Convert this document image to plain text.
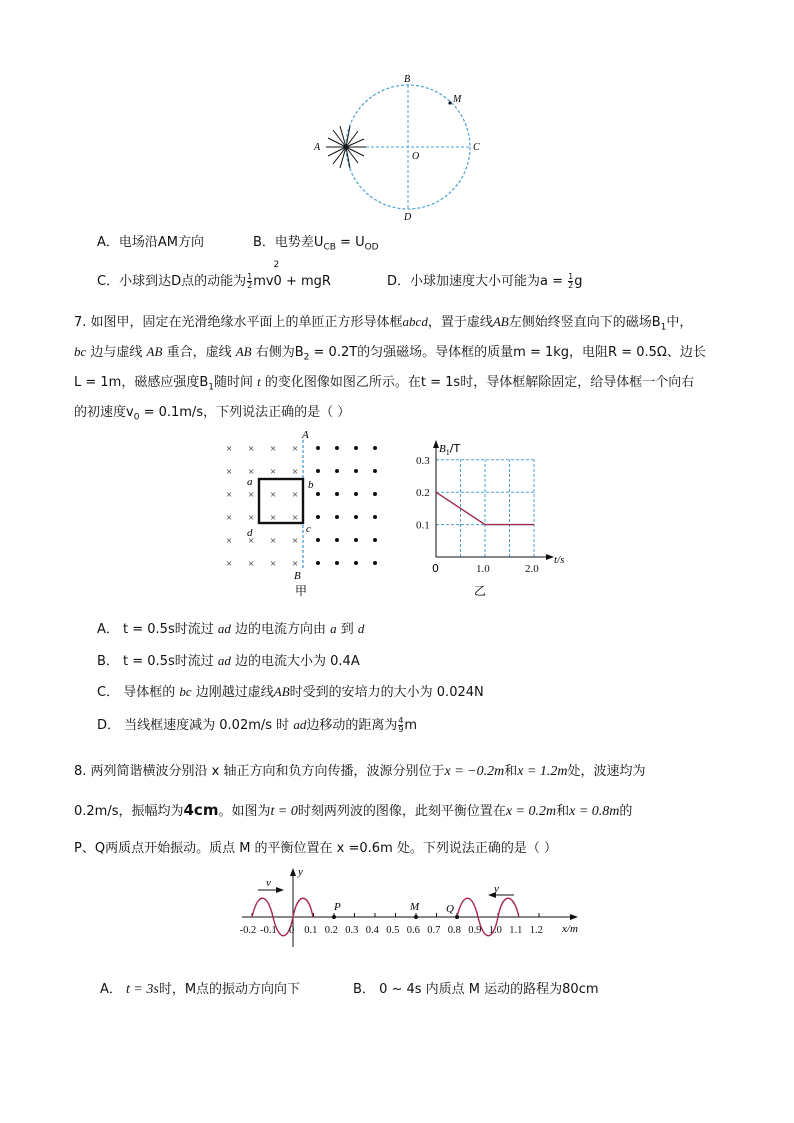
B
M
A
O
C
D
A．电场沿AM方向	B．电势差$U_{CB} = U_{OD}$
C．小球到达D点的动能为 $\frac{1}{2}$ mv
2
0 + mgR	D．小球加速度大小可能为$a = \frac{1}{2}$ g
7. 如图甲，固定在光滑绝缘水平面上的单匝正方形导体框abcd，置于虚线AB左侧始终竖直向下的磁场$B_1$中，
bc 边与虚线 AB 重合，虚线 AB 右侧为$B_2 = 0.2T$的匀强磁场。导体框的质量m = 1kg，电阻R = 0.5Ω、边长
L = 1m，磁感应强度$B_1$随时间 t 的变化图像如图乙所示。在t = 1s时，导体框解除固定，给导体框一个向右
的初速度$v_0 = 0.1m/s$，下列说法正确的是（ ）
× × × ×
× × × ×
× × × ×
× × × ×
× × × ×
× × × ×
A
B
a	b
c
d
甲
0.1
0.2
0.3
1.0	2.0
$B_1/T$
t/s
0
乙
A． t = 0.5s时流过 ad 边的电流方向由 a 到 d
B． t = 0.5s时流过 ad 边的电流大小为 0.4A
C． 导体框的 bc 边刚越过虚线AB时受到的安培力的大小为 0.024N
D． 当线框速度减为 0.02m/s 时 ad边移动的距离为 $\frac{4}{9}$ m
8. 两列简谐横波分别沿 x 轴正方向和负方向传播，波源分别位于x = −0.2m和x = 1.2m处，波速均为
0.2m/s，振幅均为4cm。如图为t = 0时刻两列波的图像，此刻平衡位置在x = 0.2m和x = 0.8m的
P、Q两质点开始振动。质点 M 的平衡位置在 x =0.6m 处。下列说法正确的是（ ）
v	v
y
x/m
P	M Q
-0.2 -0.1	0.1 0.2 0.3 0.4 0.5 0.6 0.7 0.8 0.9 1.0 1.1 1.2
0
A． t = 3s时，M点的振动方向向下	B． 0 ~ 4s 内质点 M 运动的路程为80cm
